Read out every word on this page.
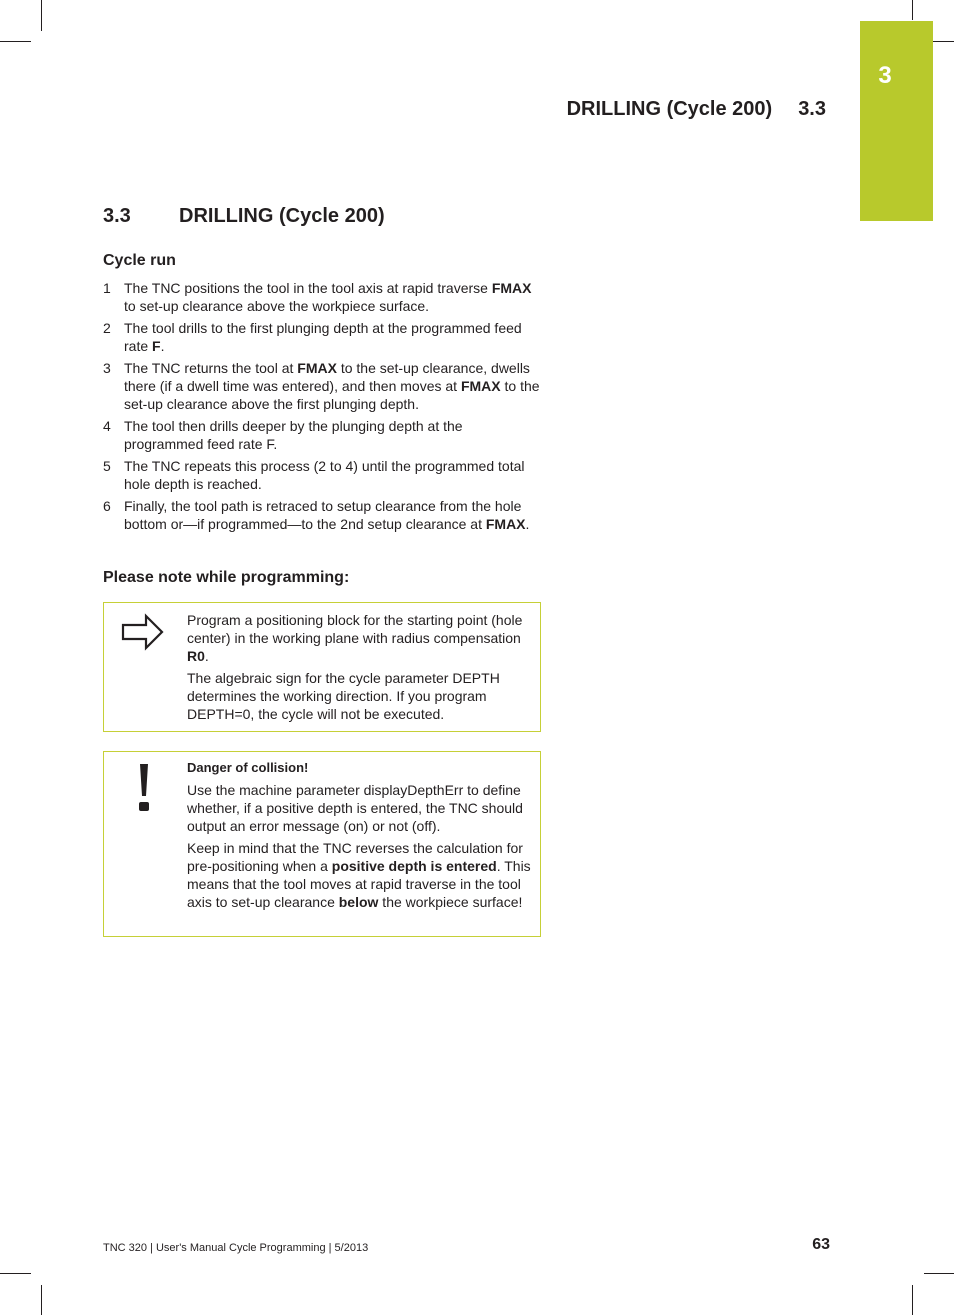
3
DRILLING (Cycle 200) 3.3
3.3 DRILLING (Cycle 200)
Cycle run
1 The TNC positions the tool in the tool axis at rapid traverse FMAX to set-up clearance above the workpiece surface.
2 The tool drills to the first plunging depth at the programmed feed rate F.
3 The TNC returns the tool at FMAX to the set-up clearance, dwells there (if a dwell time was entered), and then moves at FMAX to the set-up clearance above the first plunging depth.
4 The tool then drills deeper by the plunging depth at the programmed feed rate F.
5 The TNC repeats this process (2 to 4) until the programmed total hole depth is reached.
6 Finally, the tool path is retraced to setup clearance from the hole bottom or—if programmed—to the 2nd setup clearance at FMAX.
Please note while programming:

Program a positioning block for the starting point (hole center) in the working plane with radius compensation R0.

The algebraic sign for the cycle parameter DEPTH determines the working direction. If you program DEPTH=0, the cycle will not be executed.

Danger of collision!

Use the machine parameter displayDepthErr to define whether, if a positive depth is entered, the TNC should output an error message (on) or not (off).

Keep in mind that the TNC reverses the calculation for pre-positioning when a positive depth is entered. This means that the tool moves at rapid traverse in the tool axis to set-up clearance below the workpiece surface!

TNC 320 | User's Manual Cycle Programming | 5/2013	63
